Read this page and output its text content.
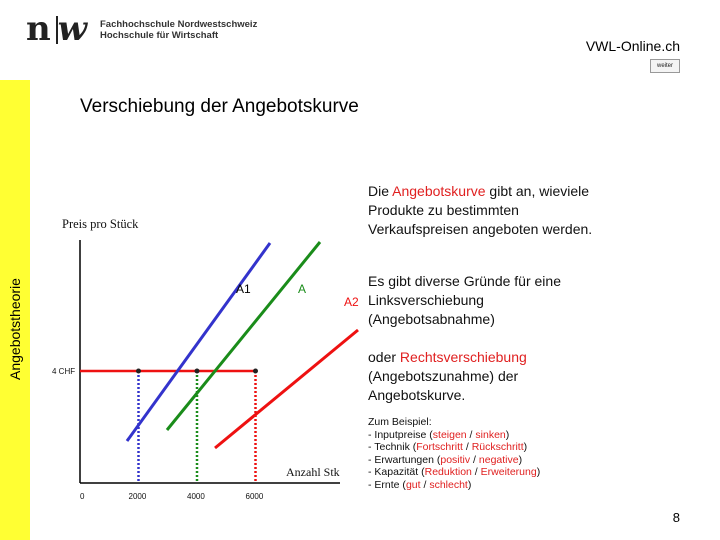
n w Fachhochschule Nordwestschweiz
Hochschule für Wirtschaft
VWL-Online.ch
weiter
Angebotstheorie
Verschiebung der Angebotskurve
Preis pro Stück
Anzahl Stk
A1	A
A2
0	2000	4000	6000
4 CHF
Die Angebotskurve gibt an, wieviele Produkte zu bestimmten Verkaufspreisen angeboten werden.
Es gibt diverse Gründe für eine Linksverschiebung (Angebotsabnahme)
oder Rechtsverschiebung (Angebotszunahme) der Angebotskurve.
Zum Beispiel:
- Inputpreise (steigen / sinken)
- Technik (Fortschritt / Rückschritt)
- Erwartungen (positiv / negative)
- Kapazität (Reduktion / Erweiterung)
- Ernte (gut / schlecht)
8
